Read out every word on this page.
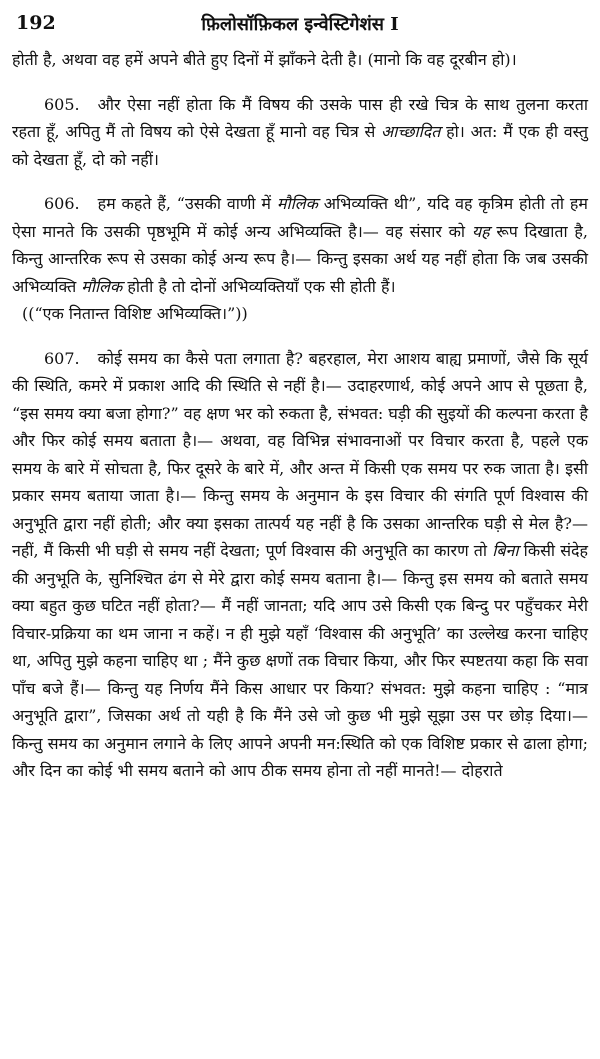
192	फ़िलोसॉफ़िकल इन्वेस्टिगेशंस I

होती है, अथवा वह हमें अपने बीते हुए दिनों में झाँकने देती है। (मानो कि वह दूरबीन हो)।

605. और ऐसा नहीं होता कि मैं विषय की उसके पास ही रखे चित्र के साथ तुलना करता रहता हूँ, अपितु मैं तो विषय को ऐसे देखता हूँ मानो वह चित्र से आच्छादित हो। अत: मैं एक ही वस्तु को देखता हूँ, दो को नहीं।

606. हम कहते हैं, “उसकी वाणी में मौलिक अभिव्यक्ति थी”, यदि वह कृत्रिम होती तो हम ऐसा मानते कि उसकी पृष्ठभूमि में कोई अन्य अभिव्यक्ति है।— वह संसार को यह रूप दिखाता है, किन्तु आन्तरिक रूप से उसका कोई अन्य रूप है।— किन्तु इसका अर्थ यह नहीं होता कि जब उसकी अभिव्यक्ति मौलिक होती है तो दोनों अभिव्यक्तियाँ एक सी होती हैं।

((“एक नितान्त विशिष्ट अभिव्यक्ति।”))

607. कोई समय का कैसे पता लगाता है? बहरहाल, मेरा आशय बाह्य प्रमाणों, जैसे कि सूर्य की स्थिति, कमरे में प्रकाश आदि की स्थिति से नहीं है।— उदाहरणार्थ, कोई अपने आप से पूछता है, “इस समय क्या बजा होगा?” वह क्षण भर को रुकता है, संभवत: घड़ी की सुइयों की कल्पना करता है और फिर कोई समय बताता है।— अथवा, वह विभिन्न संभावनाओं पर विचार करता है, पहले एक समय के बारे में सोचता है, फिर दूसरे के बारे में, और अन्त में किसी एक समय पर रुक जाता है। इसी प्रकार समय बताया जाता है।— किन्तु समय के अनुमान के इस विचार की संगति पूर्ण विश्वास की अनुभूति द्वारा नहीं होती; और क्या इसका तात्पर्य यह नहीं है कि उसका आन्तरिक घड़ी से मेल है?— नहीं, मैं किसी भी घड़ी से समय नहीं देखता; पूर्ण विश्वास की अनुभूति का कारण तो बिना किसी संदेह की अनुभूति के, सुनिश्चित ढंग से मेरे द्वारा कोई समय बताना है।— किन्तु इस समय को बताते समय क्या बहुत कुछ घटित नहीं होता?— मैं नहीं जानता; यदि आप उसे किसी एक बिन्दु पर पहुँचकर मेरी विचार-प्रक्रिया का थम जाना न कहें। न ही मुझे यहाँ ‘विश्वास की अनुभूति’ का उल्लेख करना चाहिए था, अपितु मुझे कहना चाहिए था ; मैंने कुछ क्षणों तक विचार किया, और फिर स्पष्टतया कहा कि सवा पाँच बजे हैं।— किन्तु यह निर्णय मैंने किस आधार पर किया? संभवत: मुझे कहना चाहिए : “मात्र अनुभूति द्वारा”, जिसका अर्थ तो यही है कि मैंने उसे जो कुछ भी मुझे सूझा उस पर छोड़ दिया।— किन्तु समय का अनुमान लगाने के लिए आपने अपनी मन:स्थिति को एक विशिष्ट प्रकार से ढाला होगा; और दिन का कोई भी समय बताने को आप ठीक समय होना तो नहीं मानते!— दोहराते
